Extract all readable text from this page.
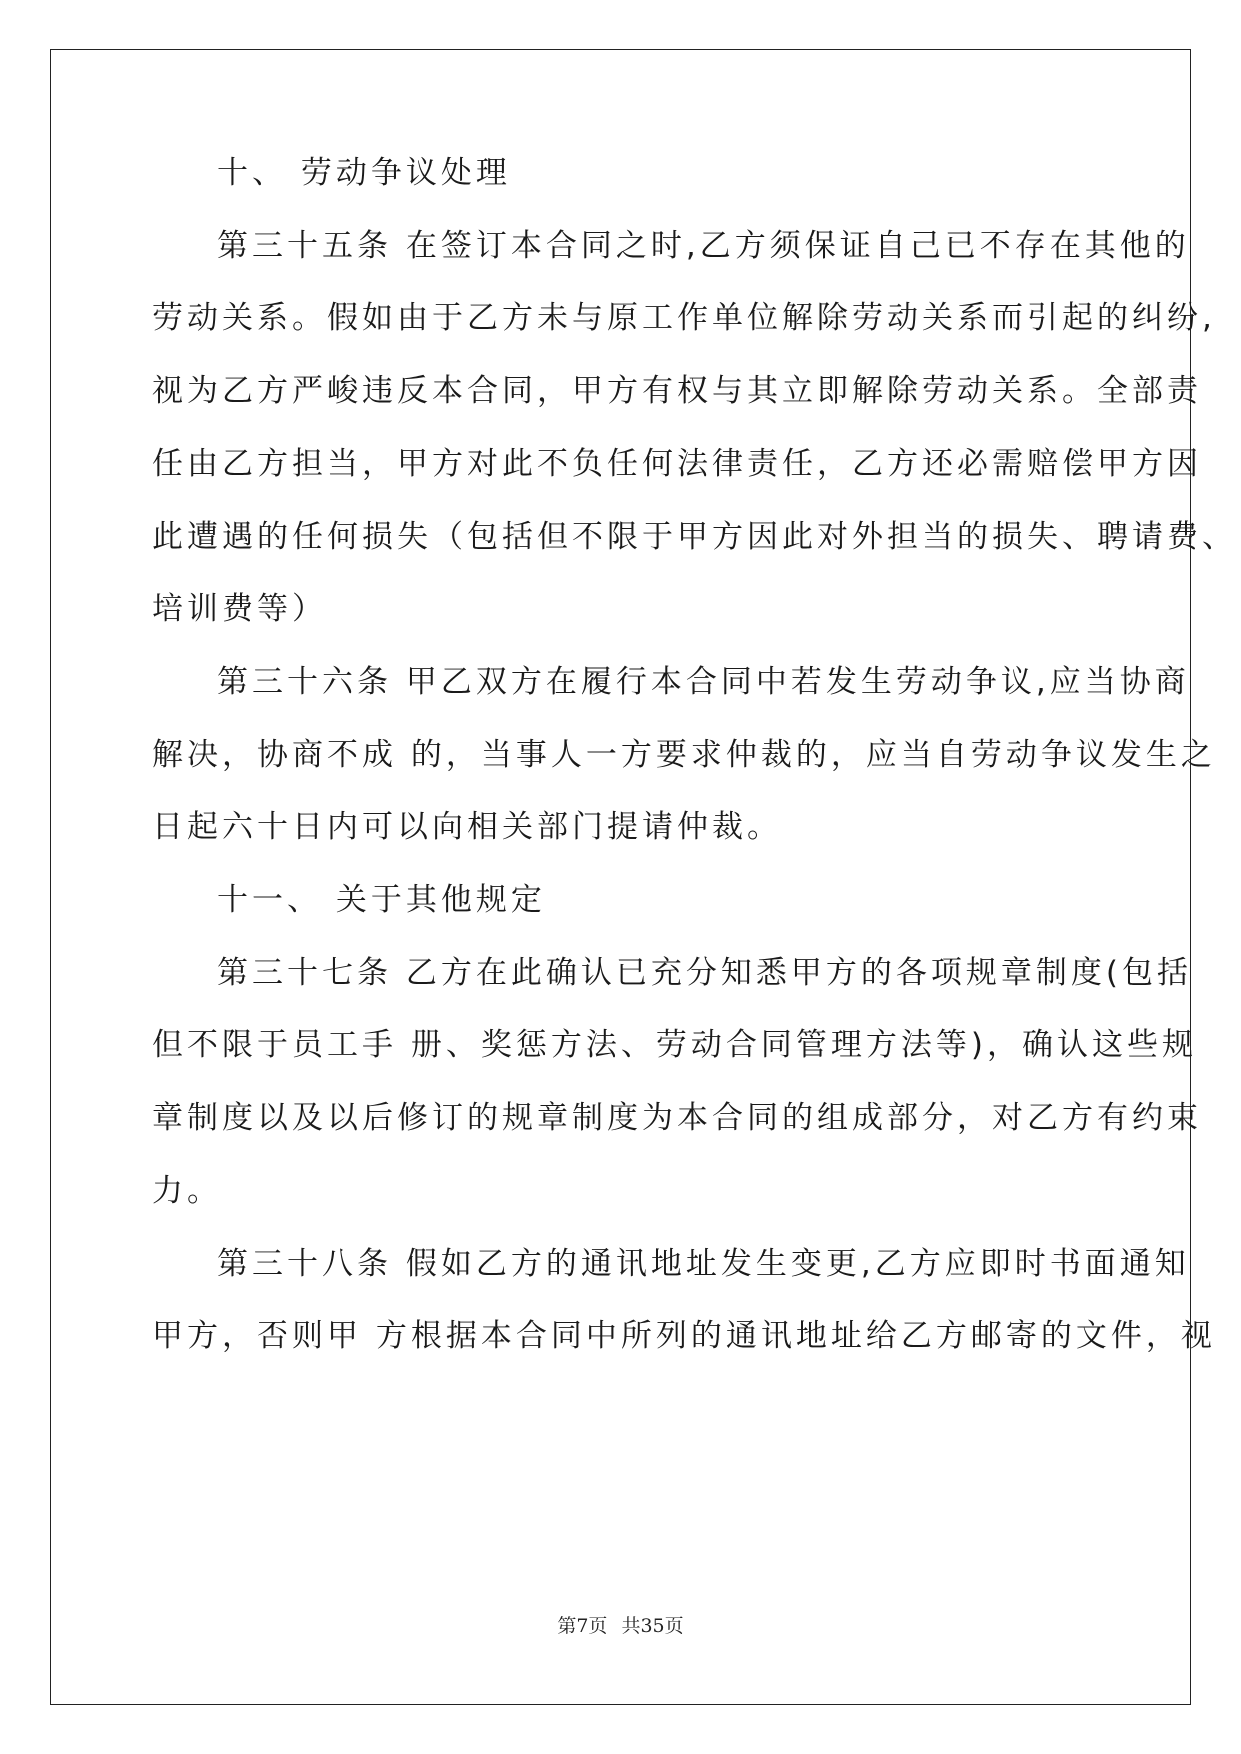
十、 劳动争议处理
第三十五条 在签订本合同之时,乙方须保证自己已不存在其他的
劳动关系。假如由于乙方未与原工作单位解除劳动关系而引起的纠纷,
视为乙方严峻违反本合同，甲方有权与其立即解除劳动关系。全部责
任由乙方担当，甲方对此不负任何法律责任，乙方还必需赔偿甲方因
此遭遇的任何损失（包括但不限于甲方因此对外担当的损失、聘请费、
培训费等）
第三十六条 甲乙双方在履行本合同中若发生劳动争议,应当协商
解决，协商不成 的，当事人一方要求仲裁的，应当自劳动争议发生之
日起六十日内可以向相关部门提请仲裁。
十一、 关于其他规定
第三十七条 乙方在此确认已充分知悉甲方的各项规章制度(包括
但不限于员工手 册、奖惩方法、劳动合同管理方法等)，确认这些规
章制度以及以后修订的规章制度为本合同的组成部分，对乙方有约束
力。
第三十八条 假如乙方的通讯地址发生变更,乙方应即时书面通知
甲方，否则甲 方根据本合同中所列的通讯地址给乙方邮寄的文件，视
第7页 共35页
